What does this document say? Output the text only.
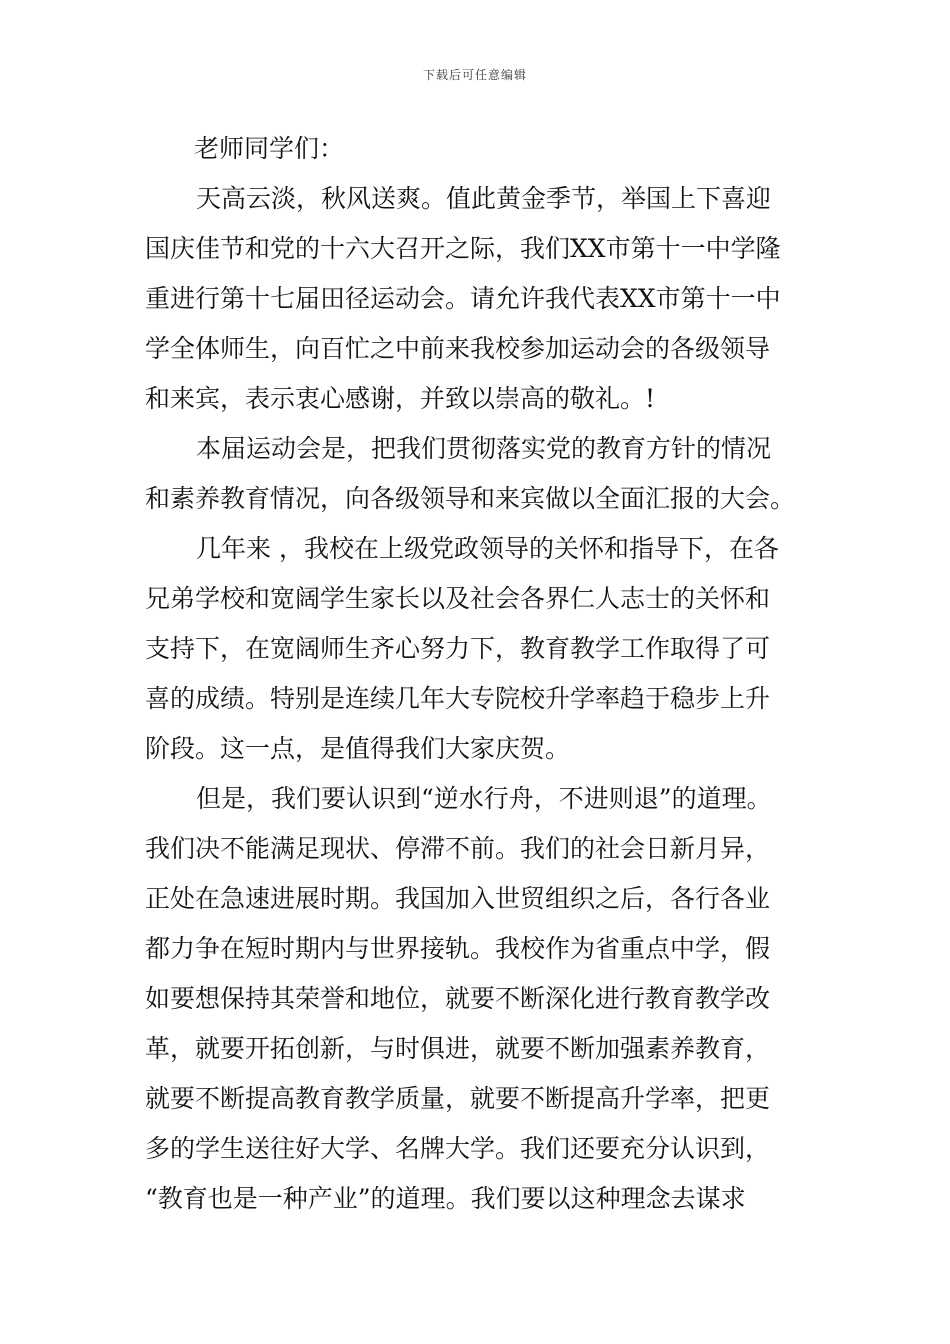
下载后可任意编辑
老师同学们：
天高云淡，秋风送爽。值此黄金季节，举国上下喜迎
国庆佳节和党的十六大召开之际，我们XX市第十一中学隆
重进行第十七届田径运动会。请允许我代表XX市第十一中
学全体师生，向百忙之中前来我校参加运动会的各级领导
和来宾，表示衷心感谢，并致以崇高的敬礼。!
本届运动会是，把我们贯彻落实党的教育方针的情况
和素养教育情况，向各级领导和来宾做以全面汇报的大会。
几年来 ，我校在上级党政领导的关怀和指导下，在各
兄弟学校和宽阔学生家长以及社会各界仁人志士的关怀和
支持下，在宽阔师生齐心努力下，教育教学工作取得了可
喜的成绩。特别是连续几年大专院校升学率趋于稳步上升
阶段。这一点，是值得我们大家庆贺。
但是，我们要认识到“逆水行舟，不进则退”的道理。
我们决不能满足现状、停滞不前。我们的社会日新月异，
正处在急速进展时期。我国加入世贸组织之后，各行各业
都力争在短时期内与世界接轨。我校作为省重点中学，假
如要想保持其荣誉和地位，就要不断深化进行教育教学改
革，就要开拓创新，与时俱进，就要不断加强素养教育，
就要不断提高教育教学质量，就要不断提高升学率，把更
多的学生送往好大学、名牌大学。我们还要充分认识到，
“教育也是一种产业”的道理。我们要以这种理念去谋求
